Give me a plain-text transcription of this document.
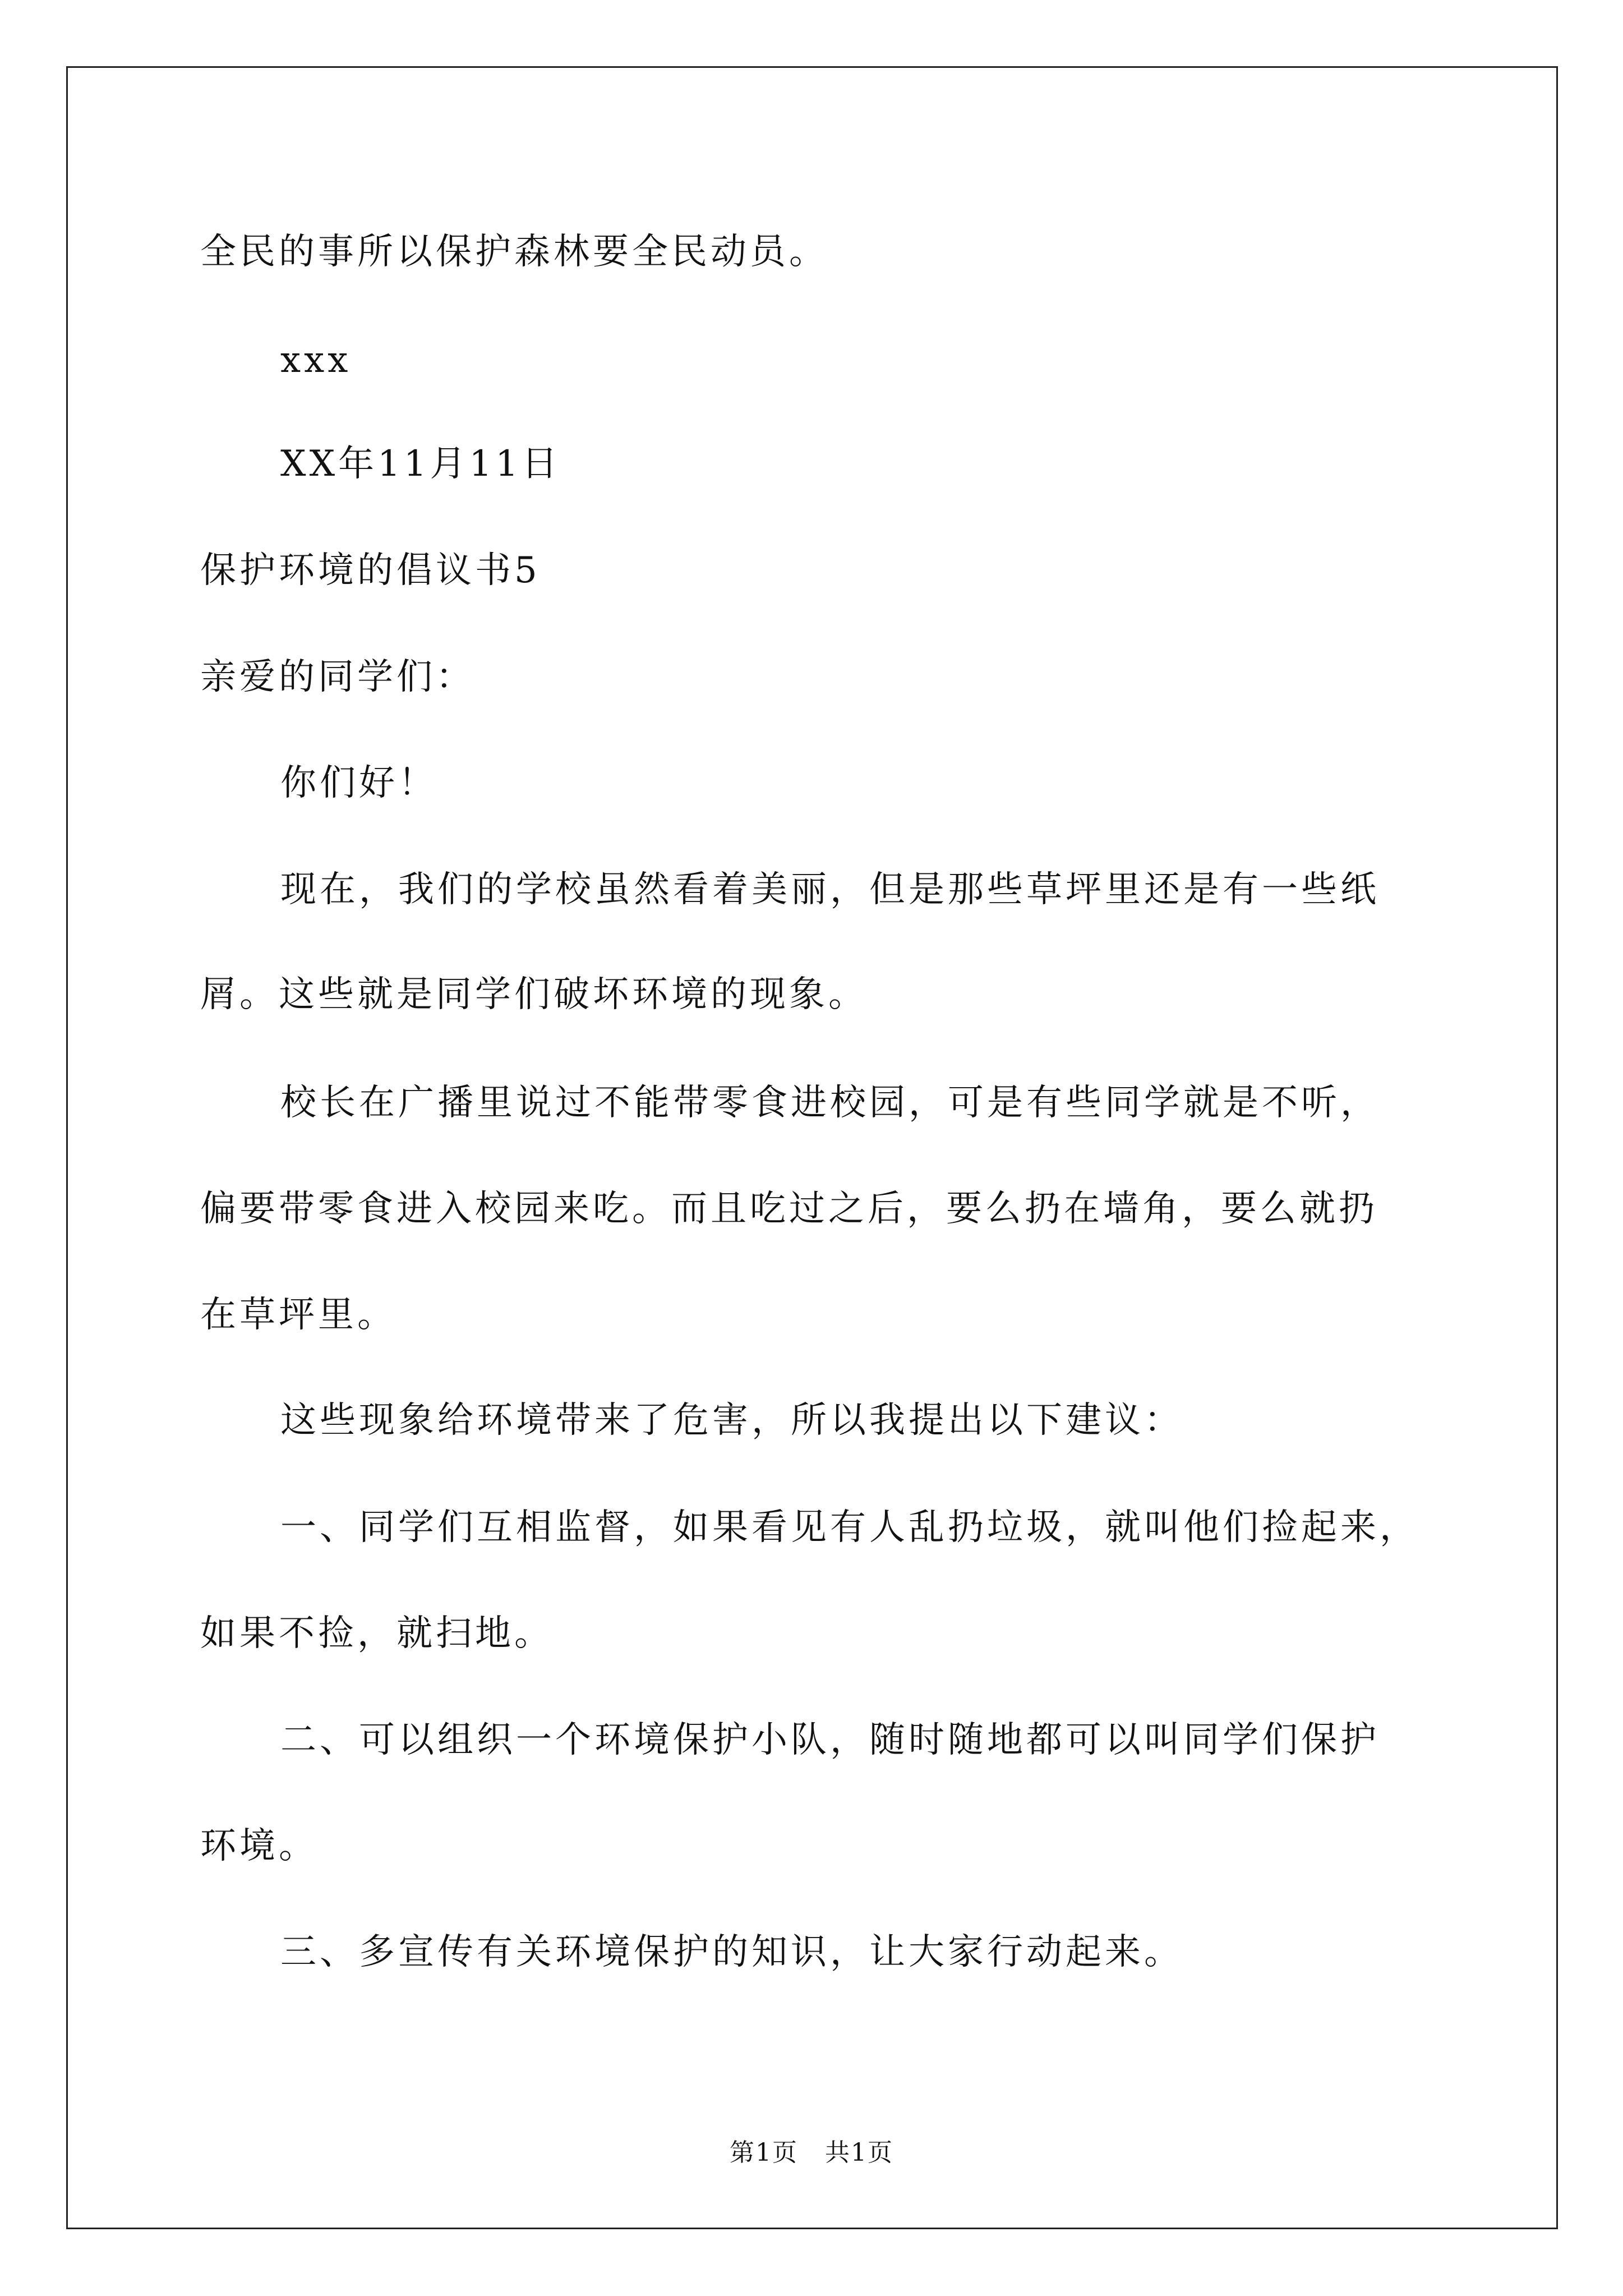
全民的事所以保护森林要全民动员。

xxx

XX年11月11日

保护环境的倡议书5

亲爱的同学们：

你们好！

现在，我们的学校虽然看着美丽，但是那些草坪里还是有一些纸

屑。这些就是同学们破坏环境的现象。

校长在广播里说过不能带零食进校园，可是有些同学就是不听，

偏要带零食进入校园来吃。而且吃过之后，要么扔在墙角，要么就扔

在草坪里。

这些现象给环境带来了危害，所以我提出以下建议：

一、同学们互相监督，如果看见有人乱扔垃圾，就叫他们捡起来，

如果不捡，就扫地。

二、可以组织一个环境保护小队，随时随地都可以叫同学们保护

环境。

三、多宣传有关环境保护的知识，让大家行动起来。

第1页   共1页
